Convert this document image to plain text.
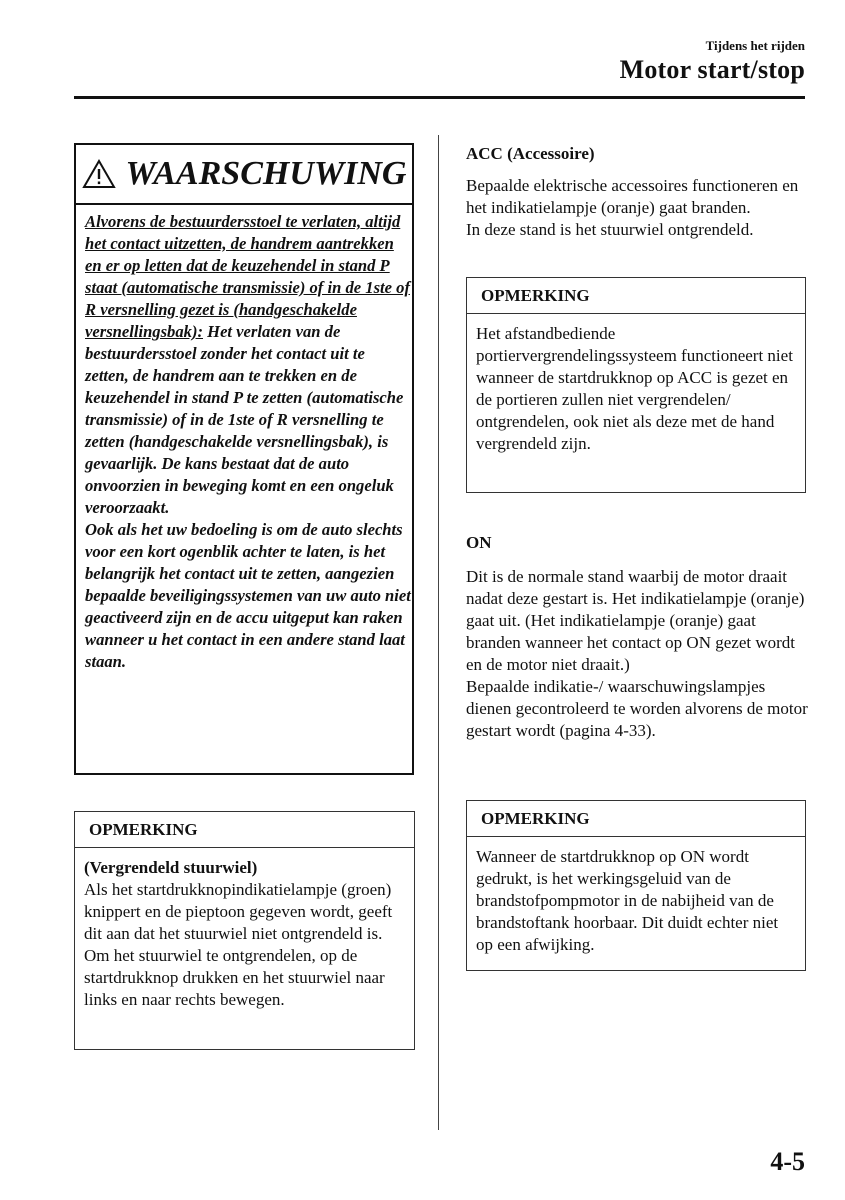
Tijdens het rijden
Motor start/stop
WAARSCHUWING
Alvorens de bestuurdersstoel te verlaten, altijd het contact uitzetten, de handrem aantrekken en er op letten dat de keuzehendel in stand P staat (automatische transmissie) of in de 1ste of R versnelling gezet is (handgeschakelde versnellingsbak): Het verlaten van de bestuurdersstoel zonder het contact uit te zetten, de handrem aan te trekken en de keuzehendel in stand P te zetten (automatische transmissie) of in de 1ste of R versnelling te zetten (handgeschakelde versnellingsbak), is gevaarlijk. De kans bestaat dat de auto onvoorzien in beweging komt en een ongeluk veroorzaakt.
Ook als het uw bedoeling is om de auto slechts voor een kort ogenblik achter te laten, is het belangrijk het contact uit te zetten, aangezien bepaalde beveiligingssystemen van uw auto niet geactiveerd zijn en de accu uitgeput kan raken wanneer u het contact in een andere stand laat staan.
OPMERKING
(Vergrendeld stuurwiel)
Als het startdrukknopindikatielampje (groen) knippert en de pieptoon gegeven wordt, geeft dit aan dat het stuurwiel niet ontgrendeld is. Om het stuurwiel te ontgrendelen, op de startdrukknop drukken en het stuurwiel naar links en naar rechts bewegen.
ACC (Accessoire)
Bepaalde elektrische accessoires functioneren en het indikatielampje (oranje) gaat branden.
In deze stand is het stuurwiel ontgrendeld.
OPMERKING
Het afstandbediende portiervergrendelingssysteem functioneert niet wanneer de startdrukknop op ACC is gezet en de portieren zullen niet vergrendelen/ ontgrendelen, ook niet als deze met de hand vergrendeld zijn.
ON
Dit is de normale stand waarbij de motor draait nadat deze gestart is. Het indikatielampje (oranje) gaat uit. (Het indikatielampje (oranje) gaat branden wanneer het contact op ON gezet wordt en de motor niet draait.)
Bepaalde indikatie-/ waarschuwingslampjes dienen gecontroleerd te worden alvorens de motor gestart wordt (pagina 4-33).
OPMERKING
Wanneer de startdrukknop op ON wordt gedrukt, is het werkingsgeluid van de brandstofpompmotor in de nabijheid van de brandstoftank hoorbaar. Dit duidt echter niet op een afwijking.
4-5
